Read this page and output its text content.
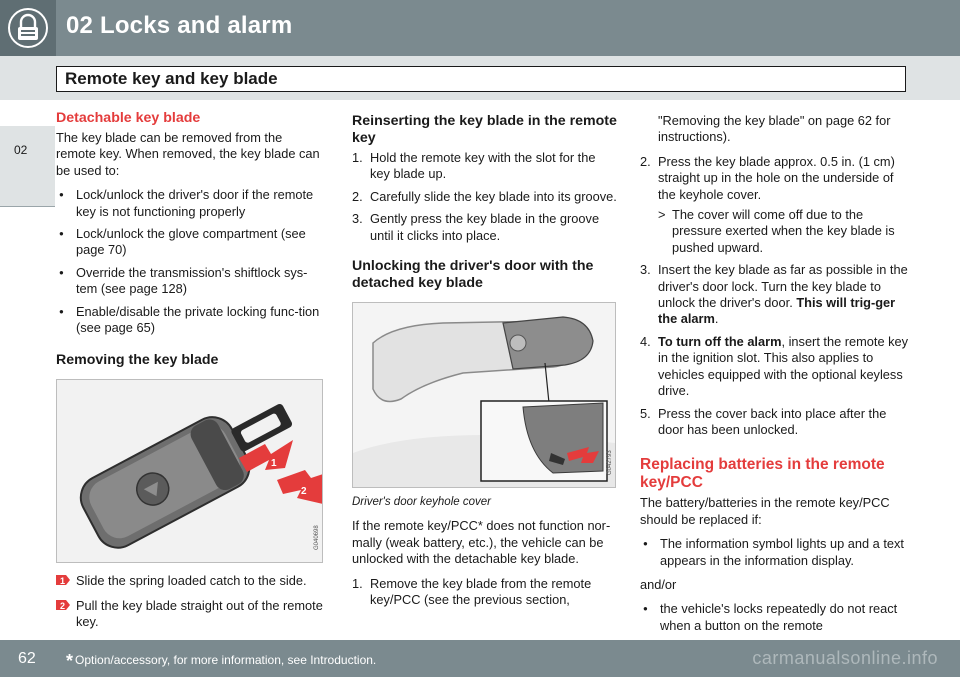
02 Locks and alarm
Remote key and key blade
02
Detachable key blade

The key blade can be removed from the remote key. When removed, the key blade can be used to:

● Lock/unlock the driver's door if the remote key is not functioning properly
● Lock/unlock the glove compartment (see page 70)
● Override the transmission's shiftlock sys-tem (see page 128)
● Enable/disable the private locking func-tion (see page 65)
Removing the key blade
1
2
G040698
1 Slide the spring loaded catch to the side.
2 Pull the key blade straight out of the remote key.
Reinserting the key blade in the remote key
1. Hold the remote key with the slot for the key blade up.
2. Carefully slide the key blade into its groove.
3. Gently press the key blade in the groove until it clicks into place.
Unlocking the driver's door with the detached key blade
G042793
Driver's door keyhole cover

If the remote key/PCC* does not function nor-mally (weak battery, etc.), the vehicle can be unlocked with the detachable key blade.

1. Remove the key blade from the remote key/PCC (see the previous section,

"Removing the key blade" on page 62 for instructions).

2. Press the key blade approx. 0.5 in. (1 cm) straight up in the hole on the underside of the keyhole cover.
> The cover will come off due to the pressure exerted when the key blade is pushed upward.
3. Insert the key blade as far as possible in the driver's door lock. Turn the key blade to unlock the driver's door. This will trig-ger the alarm.
4. To turn off the alarm, insert the remote key in the ignition slot. This also applies to vehicles equipped with the optional keyless drive.
5. Press the cover back into place after the door has been unlocked.
Replacing batteries in the remote key/PCC

The battery/batteries in the remote key/PCC should be replaced if:

● The information symbol lights up and a text appears in the information display.

and/or

● the vehicle's locks repeatedly do not react when a button on the remote
62 * Option/accessory, for more information, see Introduction.	carmanualsonline.info
